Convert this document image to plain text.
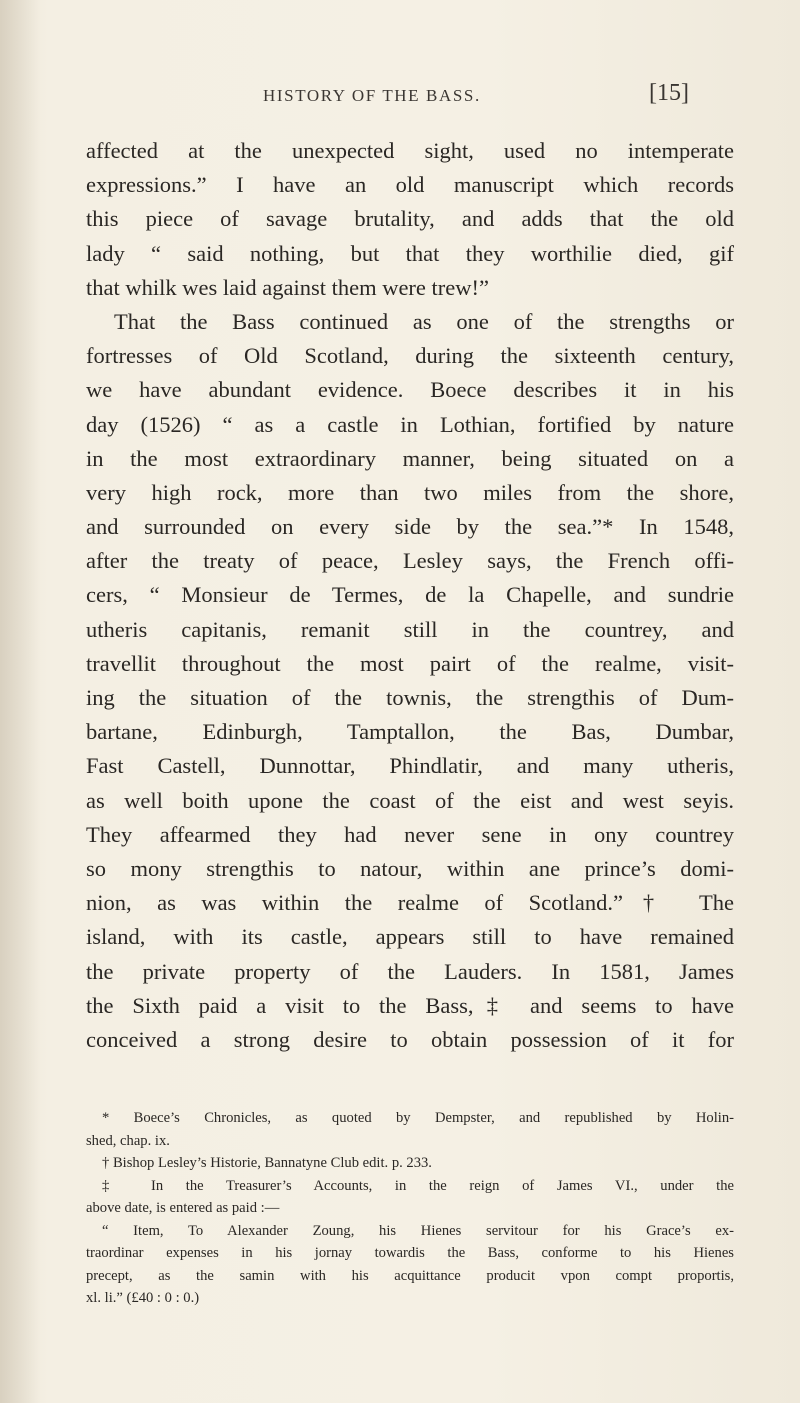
HISTORY OF THE BASS.	[15]
affected at the unexpected sight, used no intemperate
expressions.” I have an old manuscript which records
this piece of savage brutality, and adds that the old
lady “ said nothing, but that they worthilie died, gif
that whilk wes laid against them were trew!”
That the Bass continued as one of the strengths or
fortresses of Old Scotland, during the sixteenth century,
we have abundant evidence. Boece describes it in his
day (1526) “ as a castle in Lothian, fortified by nature
in the most extraordinary manner, being situated on a
very high rock, more than two miles from the shore,
and surrounded on every side by the sea.”* In 1548,
after the treaty of peace, Lesley says, the French offi-
cers, “ Monsieur de Termes, de la Chapelle, and sundrie
utheris capitanis, remanit still in the countrey, and
travellit throughout the most pairt of the realme, visit-
ing the situation of the townis, the strengthis of Dum-
bartane, Edinburgh, Tamptallon, the Bas, Dumbar,
Fast Castell, Dunnottar, Phindlatir, and many utheris,
as well boith upone the coast of the eist and west seyis.
They affearmed they had never sene in ony countrey
so mony strengthis to natour, within ane prince’s domi-
nion, as was within the realme of Scotland.”† The
island, with its castle, appears still to have remained
the private property of the Lauders. In 1581, James
the Sixth paid a visit to the Bass,‡ and seems to have
conceived a strong desire to obtain possession of it for
* Boece’s Chronicles, as quoted by Dempster, and republished by Holin-
shed, chap. ix.
† Bishop Lesley’s Historie, Bannatyne Club edit. p. 233.
‡ In the Treasurer’s Accounts, in the reign of James VI., under the
above date, is entered as paid :—
“ Item, To Alexander Zoung, his Hienes servitour for his Grace’s ex-
traordinar expenses in his jornay towardis the Bass, conforme to his Hienes
precept, as the samin with his acquittance producit vpon compt proportis,
xl. li.” (£40 : 0 : 0.)
